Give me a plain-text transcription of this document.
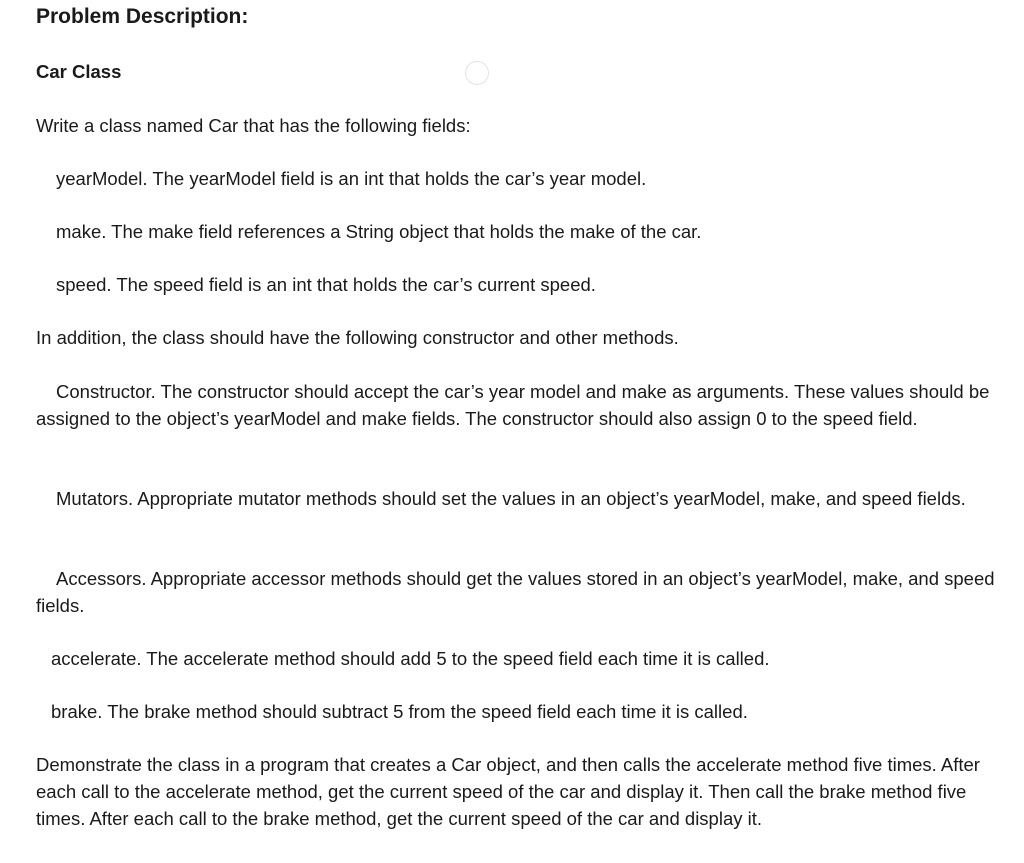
Problem Description:

Car Class

Write a class named Car that has the following fields:

yearModel. The yearModel field is an int that holds the car’s year model.

make. The make field references a String object that holds the make of the car.

speed. The speed field is an int that holds the car’s current speed.

In addition, the class should have the following constructor and other methods.

Constructor. The constructor should accept the car’s year model and make as arguments. These values should be assigned to the object’s yearModel and make fields. The constructor should also assign 0 to the speed field.

Mutators. Appropriate mutator methods should set the values in an object’s yearModel, make, and speed fields.

Accessors. Appropriate accessor methods should get the values stored in an object’s yearModel, make, and speed fields.

accelerate. The accelerate method should add 5 to the speed field each time it is called.

brake. The brake method should subtract 5 from the speed field each time it is called.

Demonstrate the class in a program that creates a Car object, and then calls the accelerate method five times. After each call to the accelerate method, get the current speed of the car and display it. Then call the brake method five times. After each call to the brake method, get the current speed of the car and display it.
